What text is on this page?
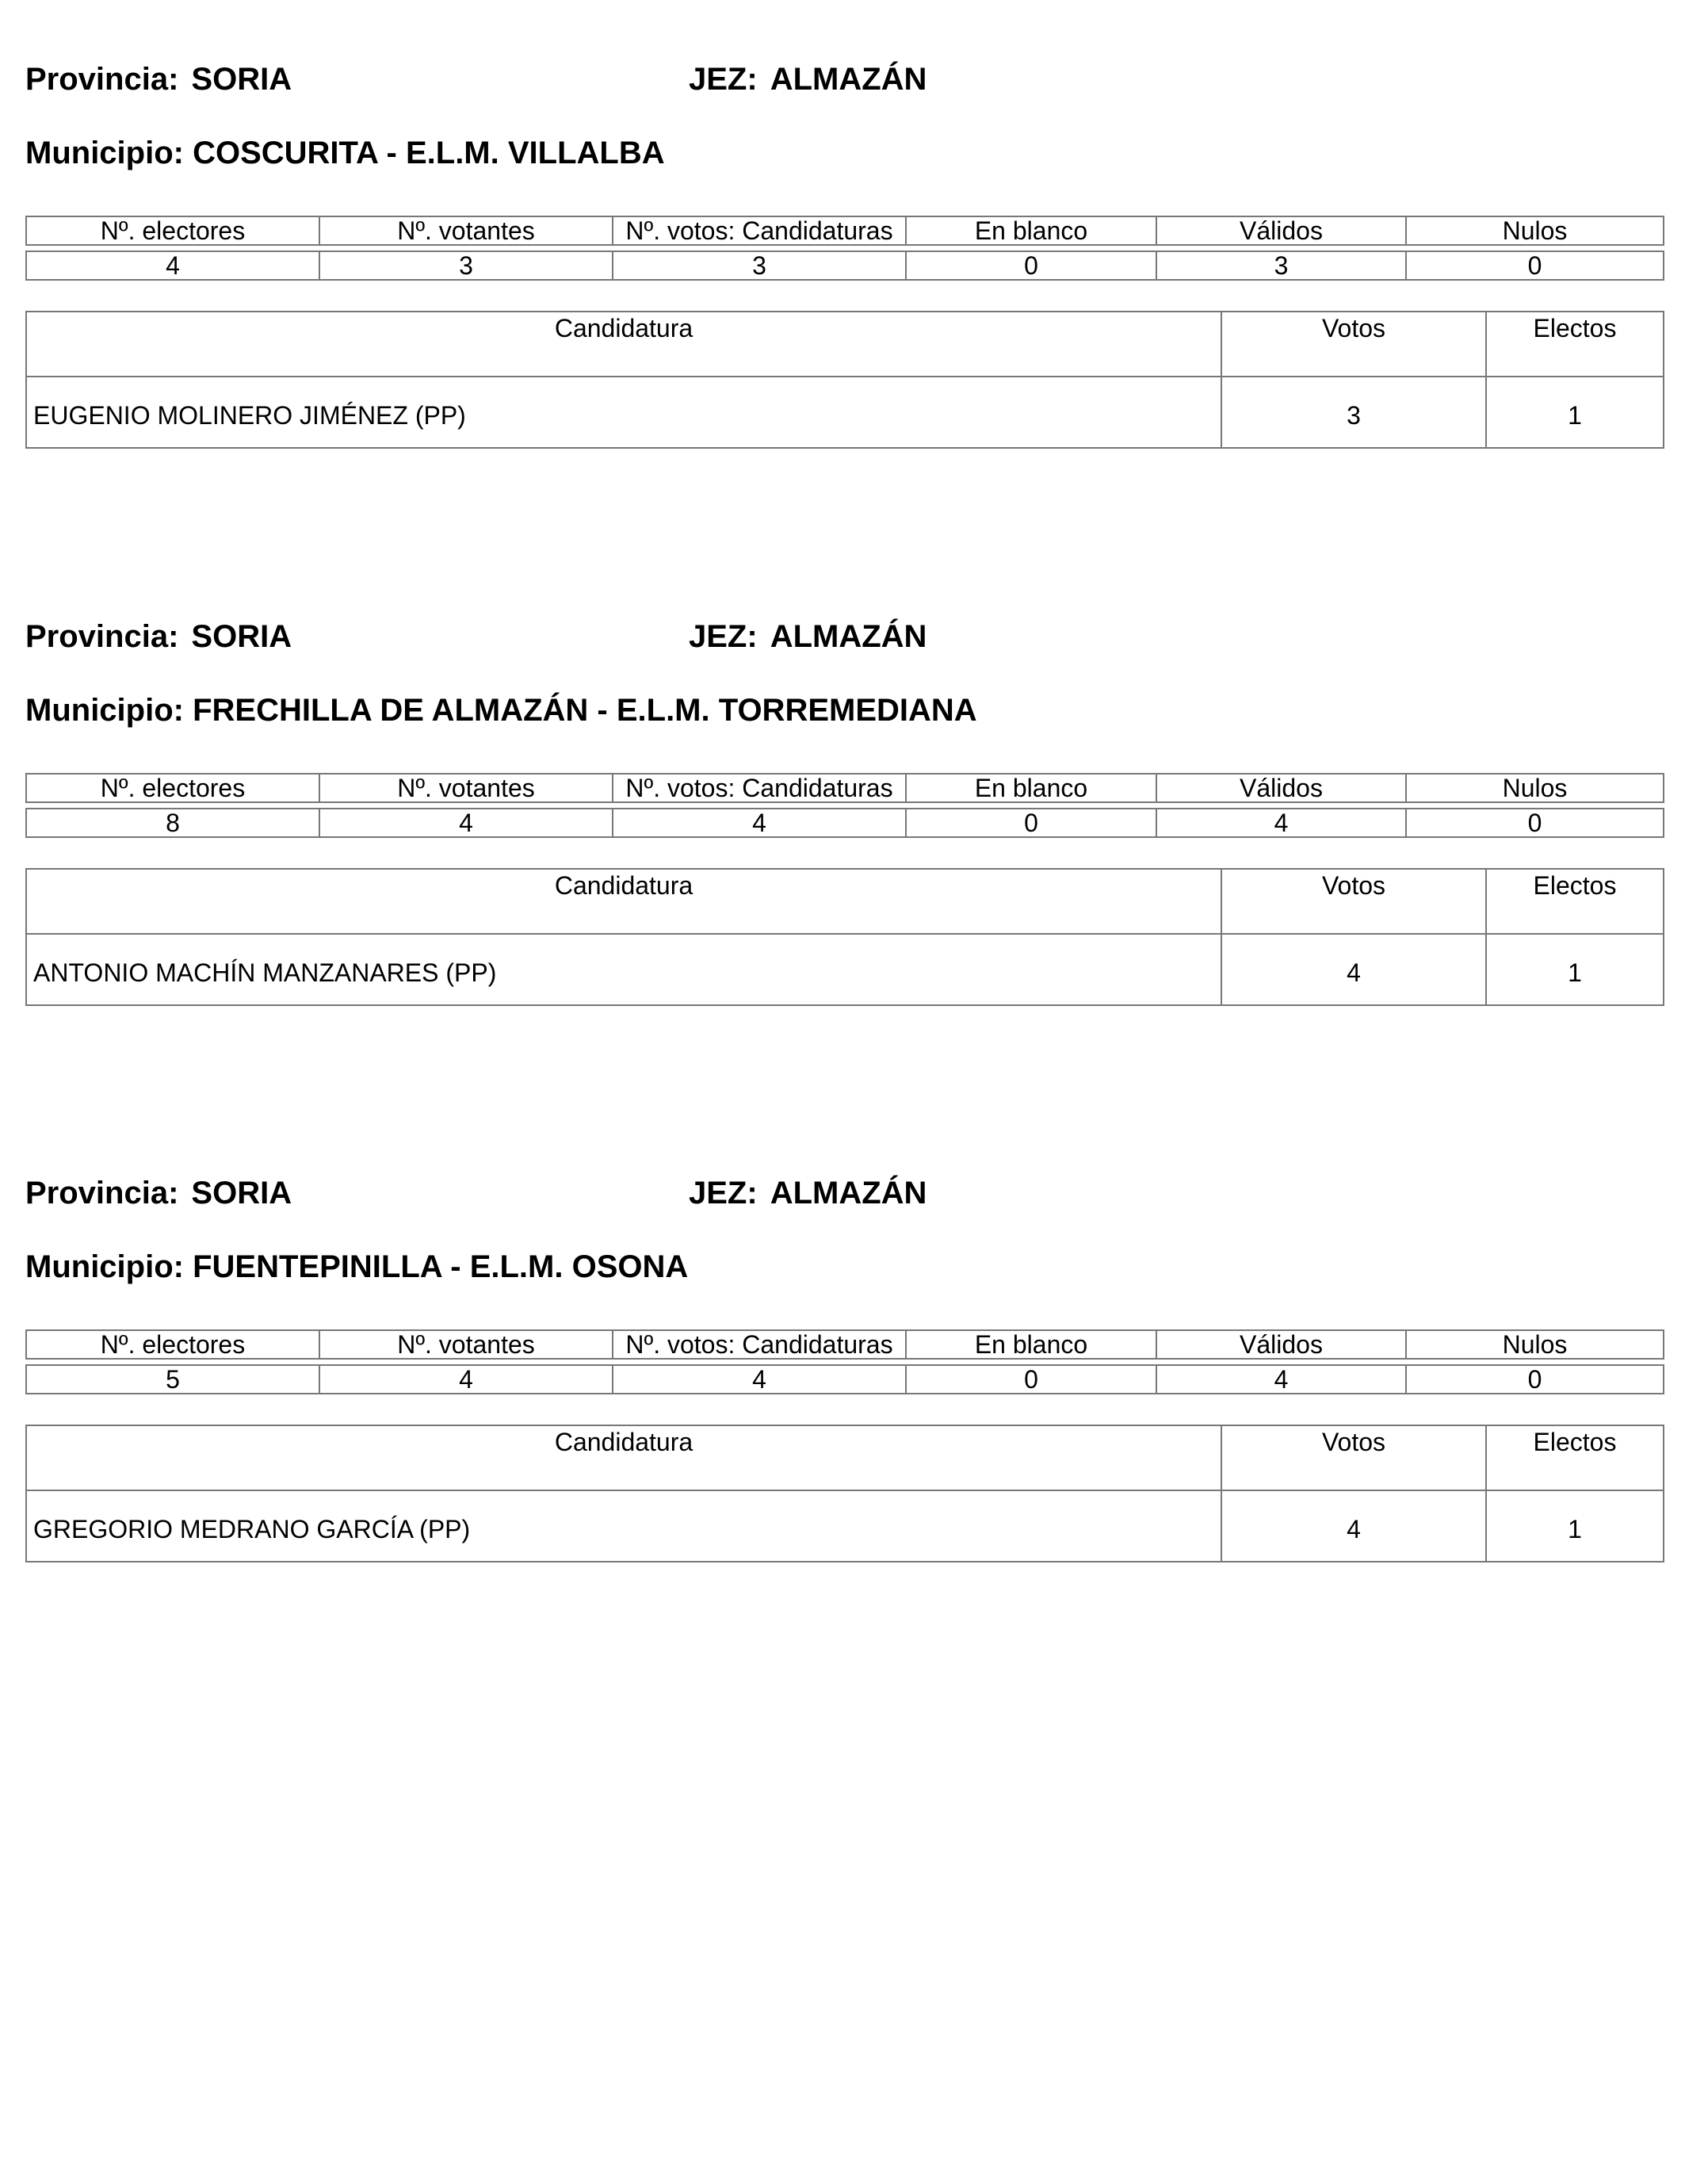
Provincia: SORIA	JEZ: ALMAZÁN
Municipio: COSCURITA - E.L.M. VILLALBA
Nº. electores	Nº. votantes	Nº. votos: Candidaturas	En blanco	Válidos	Nulos

4	3	3	0	3	0
Candidatura	Votos	Electos
EUGENIO MOLINERO JIMÉNEZ (PP)	3	1
Provincia: SORIA	JEZ: ALMAZÁN
Municipio: FRECHILLA DE ALMAZÁN - E.L.M. TORREMEDIANA
Nº. electores	Nº. votantes	Nº. votos: Candidaturas	En blanco	Válidos	Nulos

8	4	4	0	4	0
Candidatura	Votos	Electos
ANTONIO MACHÍN MANZANARES (PP)	4	1
Provincia: SORIA	JEZ: ALMAZÁN
Municipio: FUENTEPINILLA - E.L.M. OSONA
Nº. electores	Nº. votantes	Nº. votos: Candidaturas	En blanco	Válidos	Nulos

5	4	4	0	4	0
Candidatura	Votos	Electos
GREGORIO MEDRANO GARCÍA (PP)	4	1
